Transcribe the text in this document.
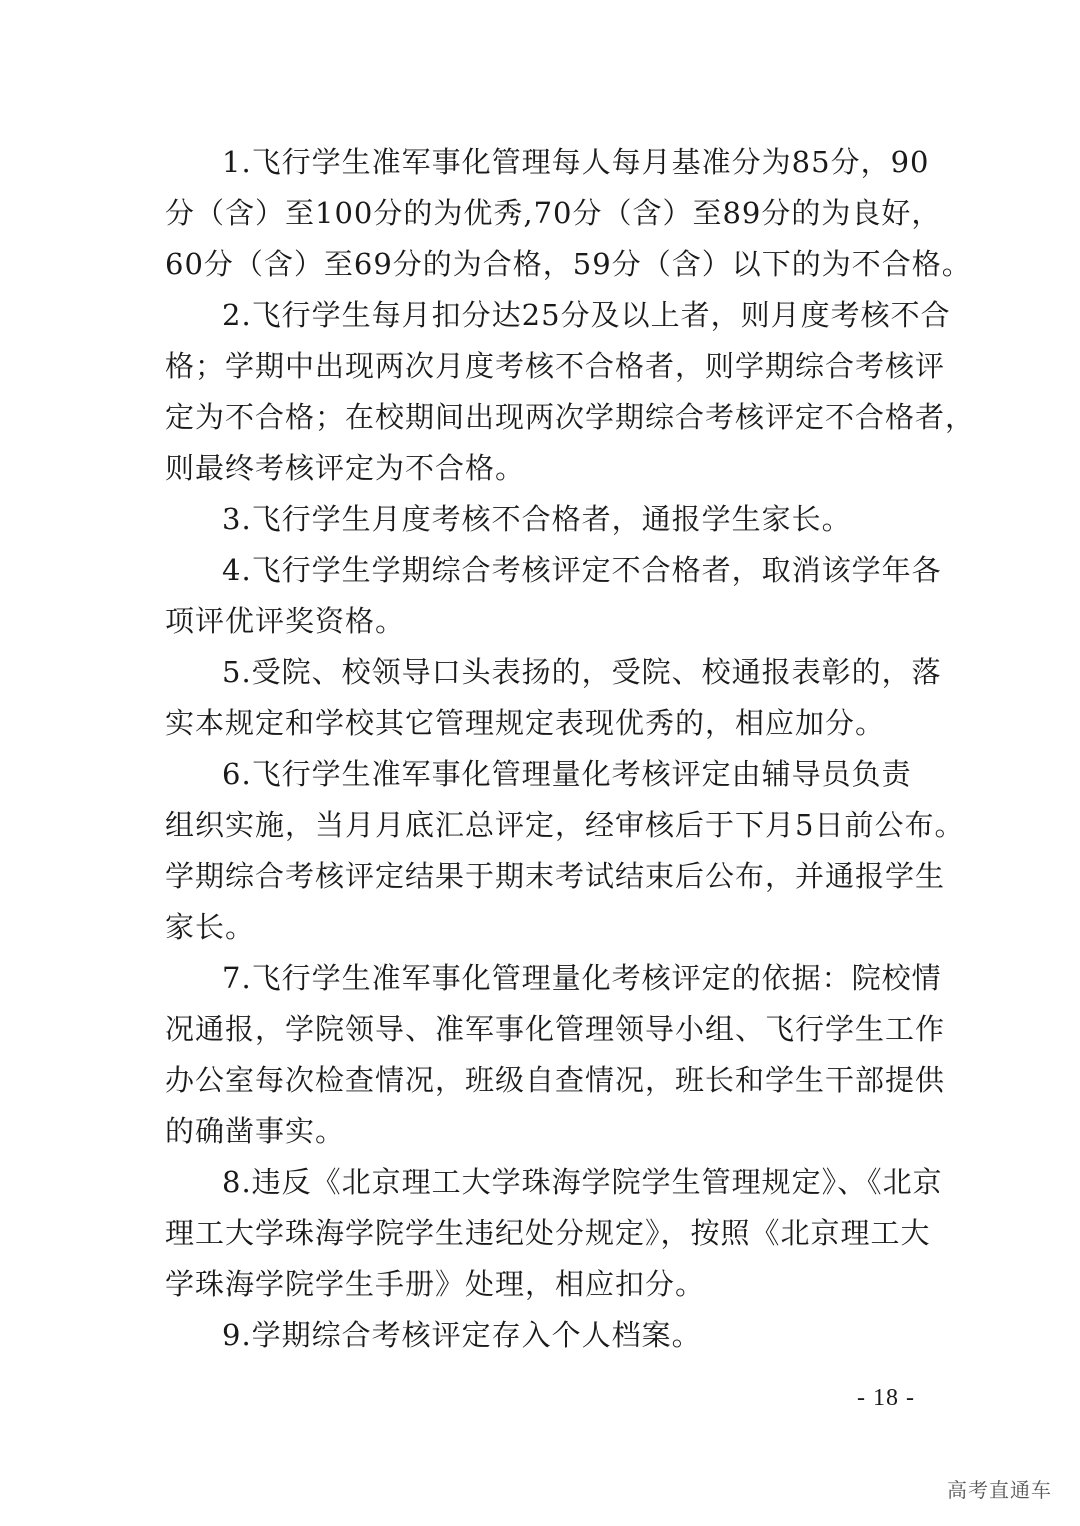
1.飞行学生准军事化管理每人每月基准分为85分，90
分（含）至100分的为优秀,70分（含）至89分的为良好，
60分（含）至69分的为合格，59分（含）以下的为不合格。
2.飞行学生每月扣分达25分及以上者，则月度考核不合
格；学期中出现两次月度考核不合格者，则学期综合考核评
定为不合格；在校期间出现两次学期综合考核评定不合格者，
则最终考核评定为不合格。
3.飞行学生月度考核不合格者，通报学生家长。
4.飞行学生学期综合考核评定不合格者，取消该学年各
项评优评奖资格。
5.受院、校领导口头表扬的，受院、校通报表彰的，落
实本规定和学校其它管理规定表现优秀的，相应加分。
6.飞行学生准军事化管理量化考核评定由辅导员负责
组织实施，当月月底汇总评定，经审核后于下月5日前公布。
学期综合考核评定结果于期末考试结束后公布，并通报学生
家长。
7.飞行学生准军事化管理量化考核评定的依据：院校情
况通报，学院领导、准军事化管理领导小组、飞行学生工作
办公室每次检查情况，班级自查情况，班长和学生干部提供
的确凿事实。
8.违反《北京理工大学珠海学院学生管理规定》、《北京
理工大学珠海学院学生违纪处分规定》，按照《北京理工大
学珠海学院学生手册》处理，相应扣分。
9.学期综合考核评定存入个人档案。
- 18 -
高考直通车
